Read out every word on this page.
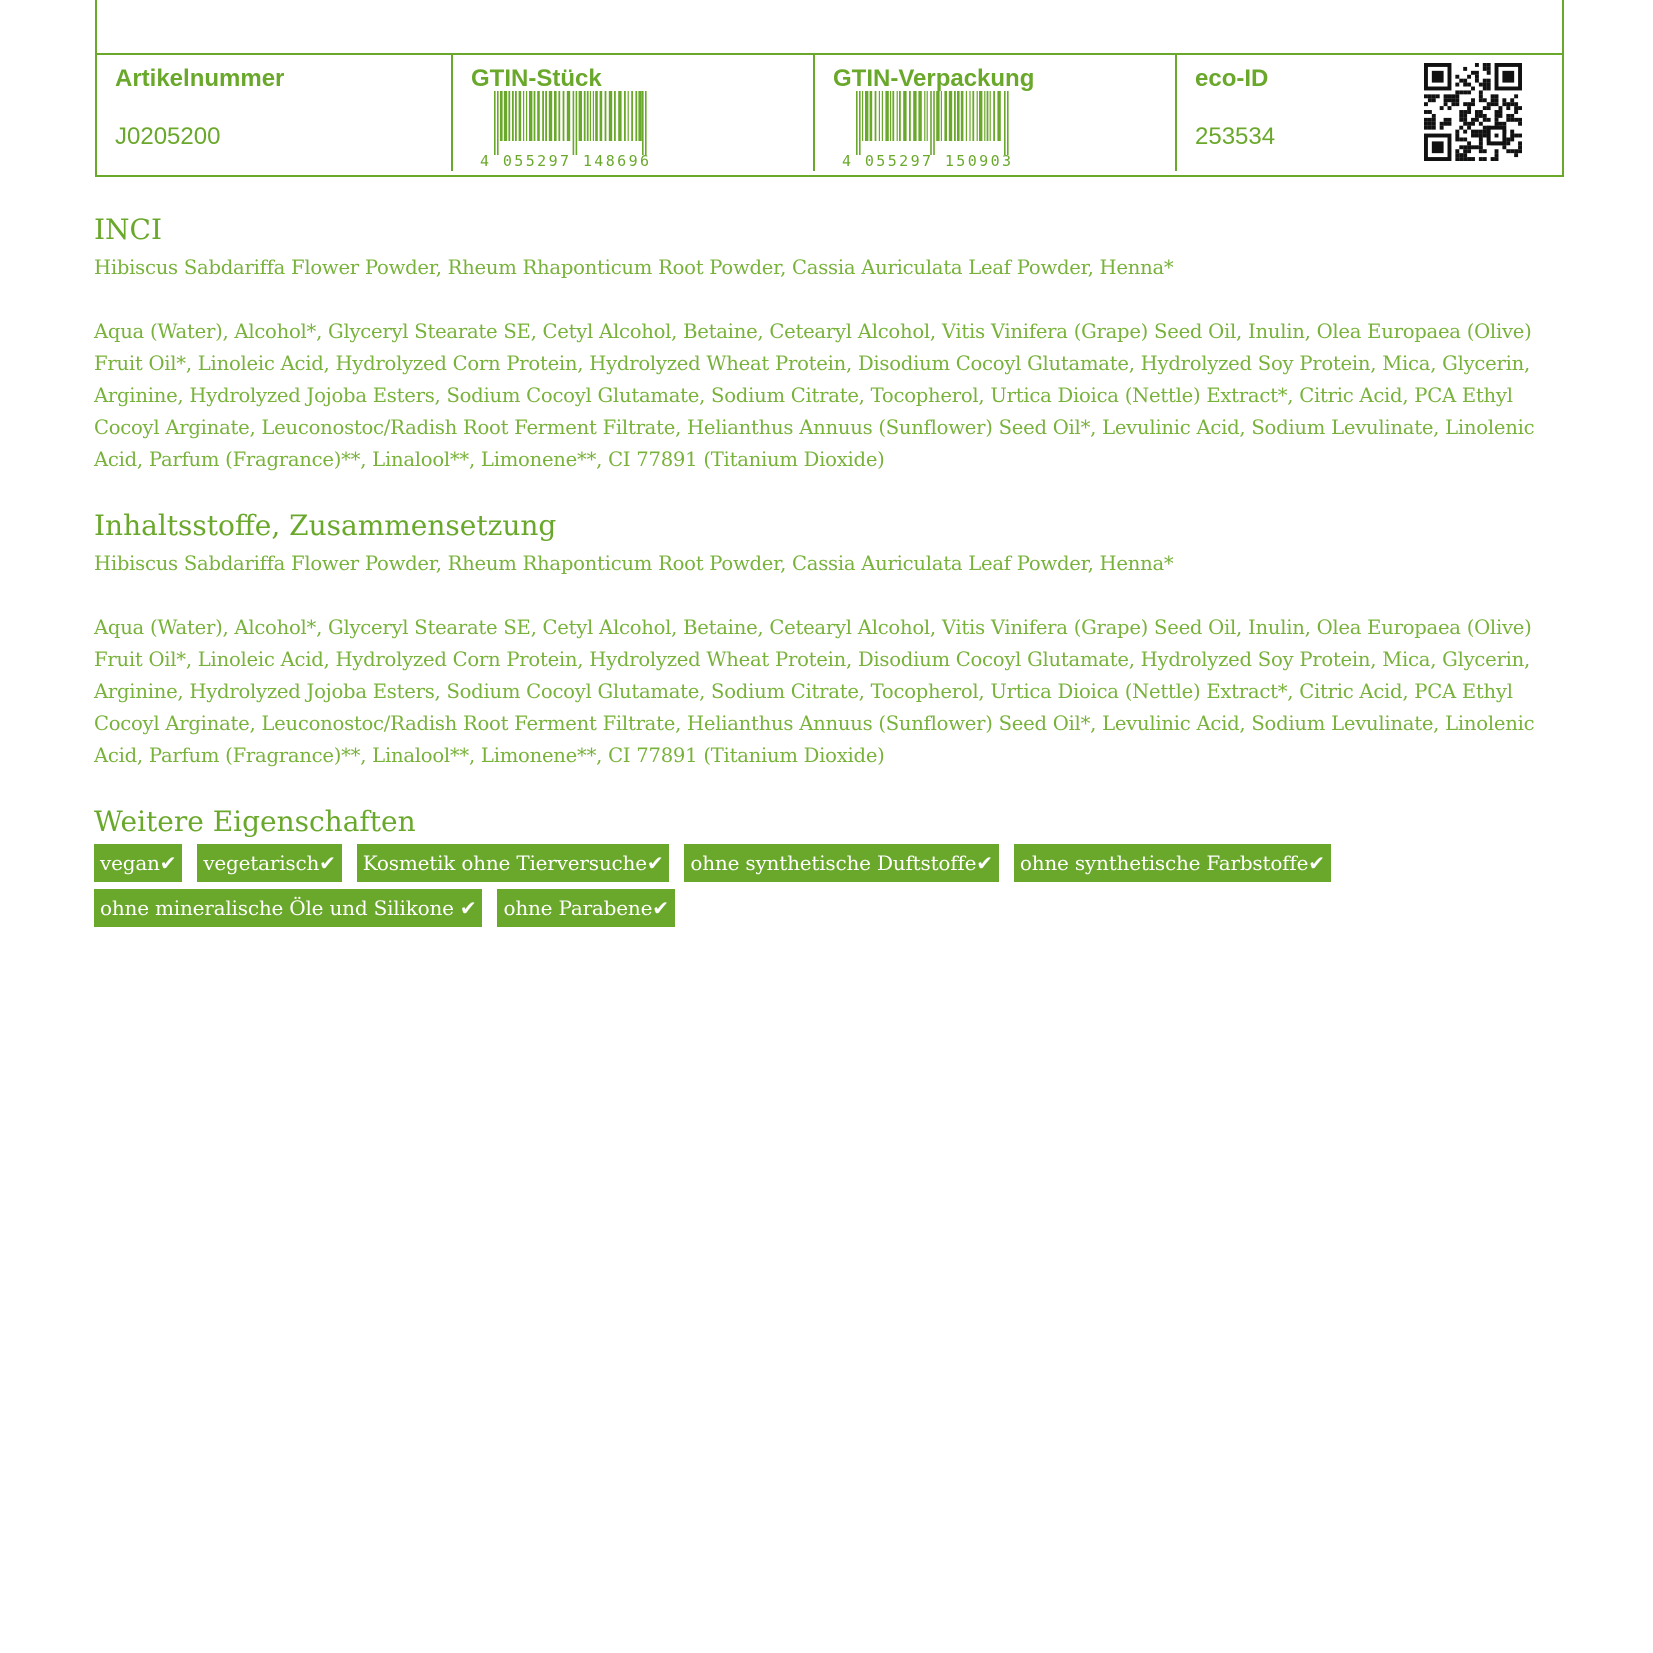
Artikelnummer
J0205200
GTIN-Stück
4 055297 148696
GTIN-Verpackung
4 055297 150903
eco-ID
253534
INCI

Hibiscus Sabdariffa Flower Powder, Rheum Rhaponticum Root Powder, Cassia Auriculata Leaf Powder, Henna*

Aqua (Water), Alcohol*, Glyceryl Stearate SE, Cetyl Alcohol, Betaine, Cetearyl Alcohol, Vitis Vinifera (Grape) Seed Oil, Inulin, Olea Europaea (Olive) Fruit Oil*, Linoleic Acid, Hydrolyzed Corn Protein, Hydrolyzed Wheat Protein, Disodium Cocoyl Glutamate, Hydrolyzed Soy Protein, Mica, Glycerin, Arginine, Hydrolyzed Jojoba Esters, Sodium Cocoyl Glutamate, Sodium Citrate, Tocopherol, Urtica Dioica (Nettle) Extract*, Citric Acid, PCA Ethyl Cocoyl Arginate, Leuconostoc/Radish Root Ferment Filtrate, Helianthus Annuus (Sunflower) Seed Oil*, Levulinic Acid, Sodium Levulinate, Linolenic Acid, Parfum (Fragrance)**, Linalool**, Limonene**, CI 77891 (Titanium Dioxide)

Inhaltsstoffe, Zusammensetzung

Hibiscus Sabdariffa Flower Powder, Rheum Rhaponticum Root Powder, Cassia Auriculata Leaf Powder, Henna*

Aqua (Water), Alcohol*, Glyceryl Stearate SE, Cetyl Alcohol, Betaine, Cetearyl Alcohol, Vitis Vinifera (Grape) Seed Oil, Inulin, Olea Europaea (Olive) Fruit Oil*, Linoleic Acid, Hydrolyzed Corn Protein, Hydrolyzed Wheat Protein, Disodium Cocoyl Glutamate, Hydrolyzed Soy Protein, Mica, Glycerin, Arginine, Hydrolyzed Jojoba Esters, Sodium Cocoyl Glutamate, Sodium Citrate, Tocopherol, Urtica Dioica (Nettle) Extract*, Citric Acid, PCA Ethyl Cocoyl Arginate, Leuconostoc/Radish Root Ferment Filtrate, Helianthus Annuus (Sunflower) Seed Oil*, Levulinic Acid, Sodium Levulinate, Linolenic Acid, Parfum (Fragrance)**, Linalool**, Limonene**, CI 77891 (Titanium Dioxide)

Weitere Eigenschaften
vegan✔	vegetarisch✔	Kosmetik ohne Tierversuche✔	ohne synthetische Duftstoffe✔	ohne synthetische Farbstoffe✔
ohne mineralische Öle und Silikone ✔	ohne Parabene✔
